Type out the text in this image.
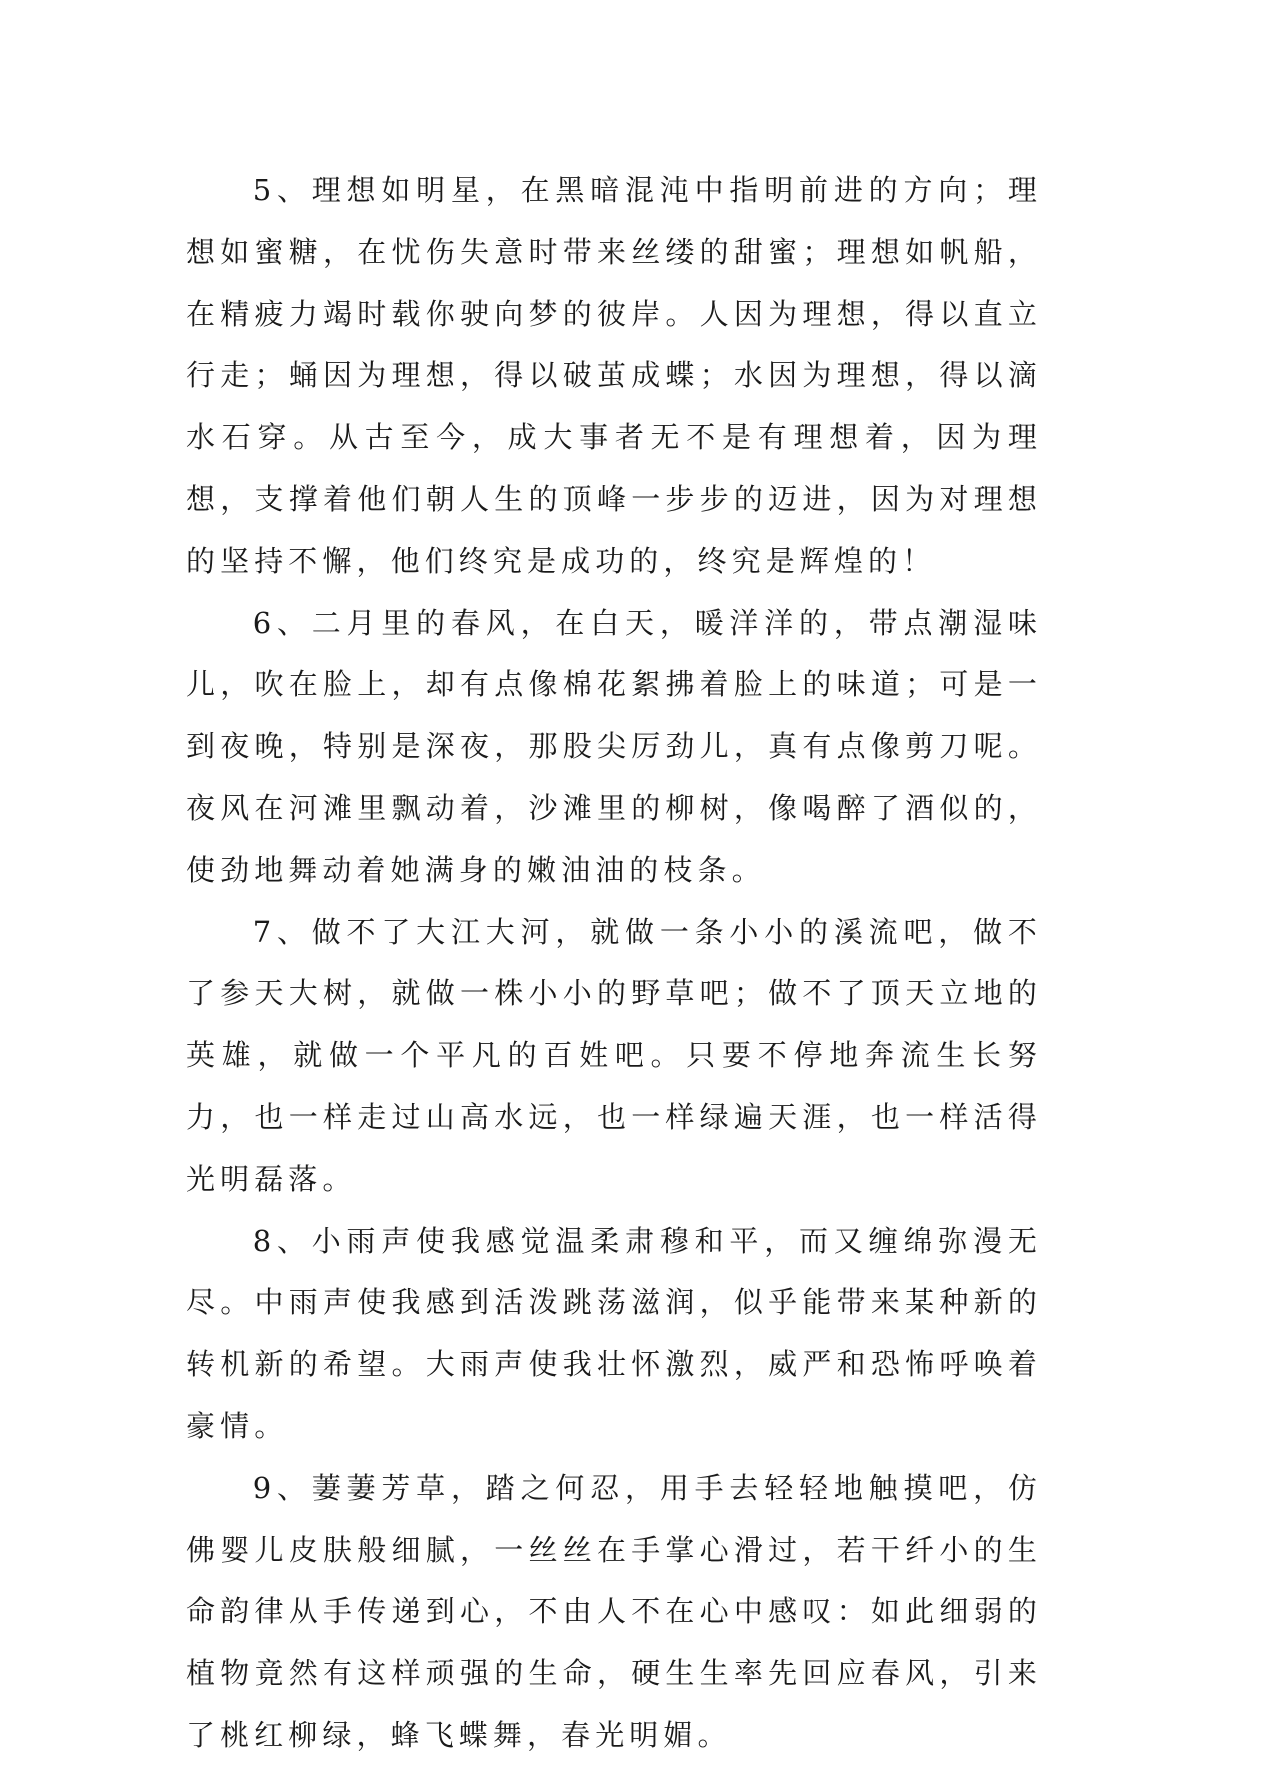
5、理想如明星，在黑暗混沌中指明前进的方向；理想如蜜糖，在忧伤失意时带来丝缕的甜蜜；理想如帆船，在精疲力竭时载你驶向梦的彼岸。人因为理想，得以直立行走；蛹因为理想，得以破茧成蝶；水因为理想，得以滴水石穿。从古至今，成大事者无不是有理想着，因为理想，支撑着他们朝人生的顶峰一步步的迈进，因为对理想的坚持不懈，他们终究是成功的，终究是辉煌的！

6、二月里的春风，在白天，暖洋洋的，带点潮湿味儿，吹在脸上，却有点像棉花絮拂着脸上的味道；可是一到夜晚，特别是深夜，那股尖厉劲儿，真有点像剪刀呢。夜风在河滩里飘动着，沙滩里的柳树，像喝醉了酒似的，使劲地舞动着她满身的嫩油油的枝条。

7、做不了大江大河，就做一条小小的溪流吧，做不了参天大树，就做一株小小的野草吧；做不了顶天立地的英雄，就做一个平凡的百姓吧。只要不停地奔流生长努力，也一样走过山高水远，也一样绿遍天涯，也一样活得光明磊落。

8、小雨声使我感觉温柔肃穆和平，而又缠绵弥漫无尽。中雨声使我感到活泼跳荡滋润，似乎能带来某种新的转机新的希望。大雨声使我壮怀激烈，威严和恐怖呼唤着豪情。

9、萋萋芳草，踏之何忍，用手去轻轻地触摸吧，仿佛婴儿皮肤般细腻，一丝丝在手掌心滑过，若干纤小的生命韵律从手传递到心，不由人不在心中感叹：如此细弱的植物竟然有这样顽强的生命，硬生生率先回应春风，引来了桃红柳绿，蜂飞蝶舞，春光明媚。
